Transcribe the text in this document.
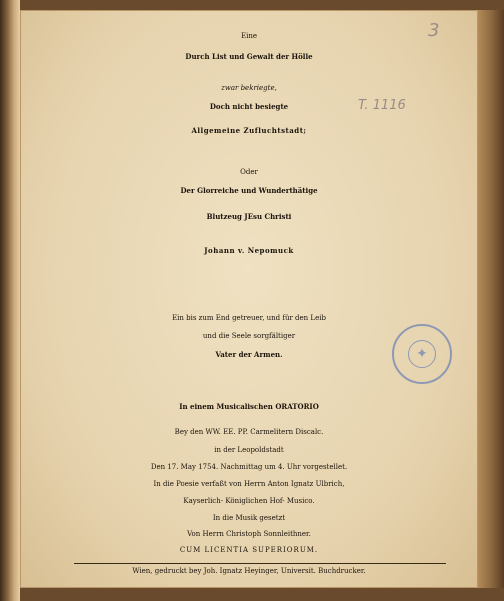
3
T. 1116
Eine
Durch List und Gewalt der Hölle
zwar bekriegte,
Doch nicht besiegte
Allgemeine Zufluchtstadt;
Oder
Der Glorreiche und Wunderthätige
Blutzeug JEsu Christi
Johann v. Nepomuck
Ein bis zum End getreuer, und für den Leib
und die Seele sorgfältiger
Vater der Armen.
In einem Musicalischen ORATORIO
Bey den WW. EE. PP. Carmelitern Discalc.
in der Leopoldstadt
Den 17. May 1754. Nachmittag um 4. Uhr vorgestellet.
In die Poesie verfaßt von Herrn Anton Ignatz Ulbrich,
Kayserlich- Königlichen Hof- Musico.
In die Musik gesetzt
Von Herrn Christoph Sonnleithner.
CUM LICENTIA SUPERIORUM.
Wien, gedruckt bey Joh. Ignatz Heyinger, Universit. Buchdrucker.
✦
